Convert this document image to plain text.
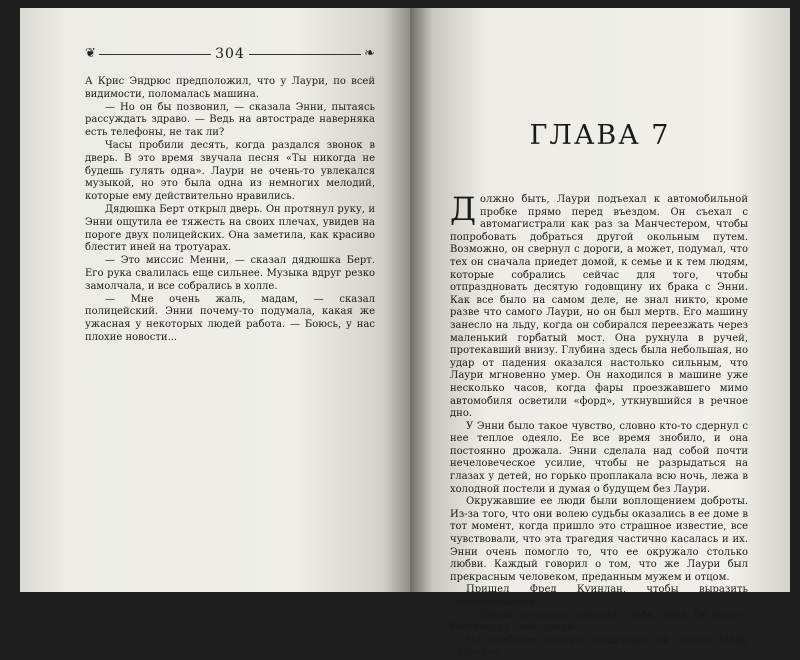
❦	304	❧

А Крис Эндрюс предположил, что у Лаури, по всей видимости, поломалась машина.

— Но он бы позвонил, — сказала Энни, пытаясь рассуждать здраво. — Ведь на автостраде наверняка есть телефоны, не так ли?

Часы пробили десять, когда раздался звонок в дверь. В это время звучала песня «Ты никогда не будешь гулять одна». Лаури не очень-то увлекался музыкой, но это была одна из немногих мелодий, которые ему действительно нравились.

Дядюшка Берт открыл дверь. Он протянул руку, и Энни ощутила ее тяжесть на своих плечах, увидев на пороге двух полицейских. Она заметила, как красиво блестит иней на тротуарах.

— Это миссис Менни, — сказал дядюшка Берт. Его рука свалилась еще сильнее. Музыка вдруг резко замолчала, и все собрались в холле.

— Мне очень жаль, мадам, — сказал полицейский. Энни почему-то подумала, какая же ужасная у некоторых людей работа. — Боюсь, у нас плохие новости...

ГЛАВА 7

Должно быть, Лаури подъехал к автомобильной пробке прямо перед въездом. Он съехал с автомагистрали как раз за Манчестером, чтобы попробовать добраться другой окольным путем. Возможно, он свернул с дороги, а может, подумал, что тех он сначала приедет домой, к семье и к тем людям, которые собрались сейчас для того, чтобы отпраздновать десятую годовщину их брака с Энни. Как все было на самом деле, не знал никто, кроме разве что самого Лаури, но он был мертв. Его машину занесло на льду, когда он собирался переезжать через маленький горбатый мост. Она рухнула в ручей, протекавший внизу. Глубина здесь была небольшая, но удар от падения оказался настолько сильным, что Лаури мгновенно умер. Он находился в машине уже несколько часов, когда фары проезжавшего мимо автомобиля осветили «форд», уткнувшийся в речное дно.

У Энни было такое чувство, словно кто-то сдернул с нее теплое одеяло. Ее все время знобило, и она постоянно дрожала. Энни сделала над собой почти нечеловеческое усилие, чтобы не разрыдаться на глазах у детей, но горько проплакала всю ночь, лежа в холодной постели и думая о будущем без Лаури.

Окружавшие ее люди были воплощением доброты. Из-за того, что они волею судьбы оказались в ее доме в тот момент, когда пришло это страшное известие, все чувствовали, что эта трагедия частично касалась и их. Энни очень помогло то, что ее окружало столько любви. Каждый говорил о том, что же Лаури был прекрасным человеком, преданным мужем и отцом.

Пришел Фред Куинлан, чтобы выразить соболезнование.

— Лаури постоянно говорил о тебе, Энни. Он просто боготворил свою семью.

Но наиболее ценную поддержку ей оказал Майк Галлахер.
